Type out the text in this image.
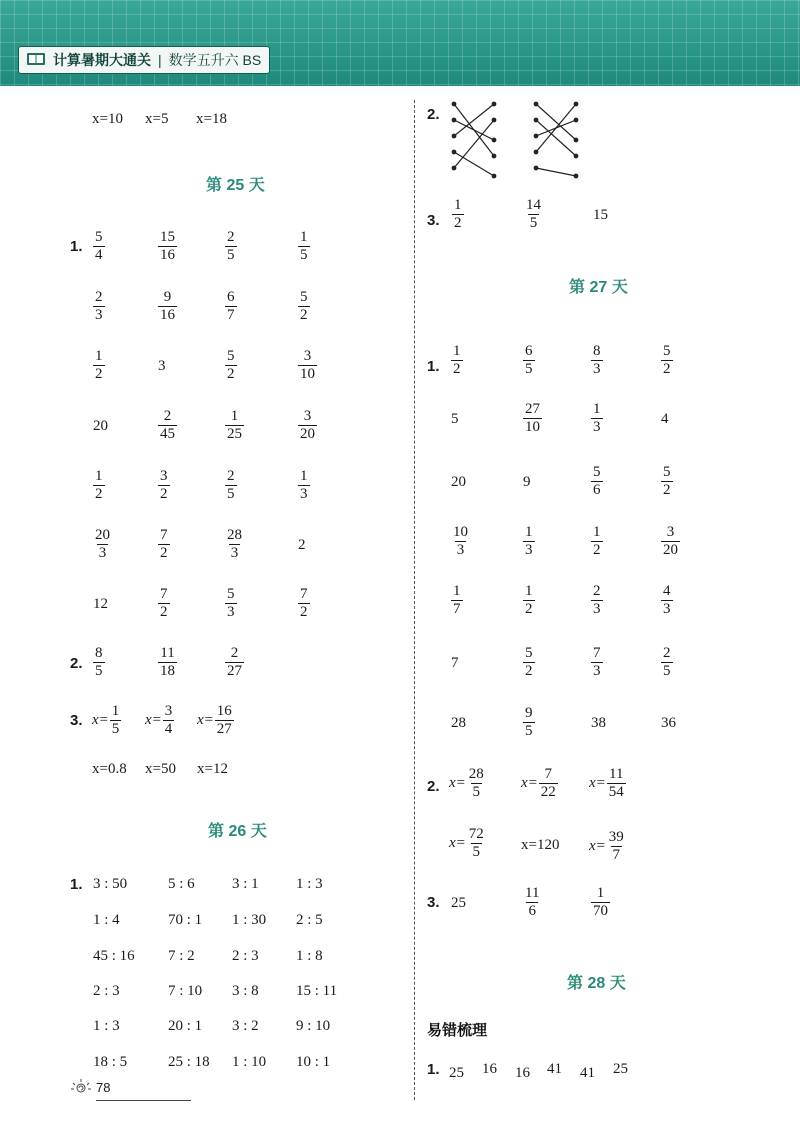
计算暑期大通关 | 数学五升六 BS
78
x=10 x=5 x=18
第 25 天
1. $\frac{5}{4}$	$\frac{15}{16}$	$\frac{2}{5}$	$\frac{1}{5}$
$\frac{2}{3}$	$\frac{9}{16}$	$\frac{6}{7}$	$\frac{5}{2}$
$\frac{1}{2}$	3	$\frac{5}{2}$	$\frac{3}{10}$
20	$\frac{2}{45}$	$\frac{1}{25}$	$\frac{3}{20}$
$\frac{1}{2}$	$\frac{3}{2}$	$\frac{2}{5}$	$\frac{1}{3}$
$\frac{20}{3}$	$\frac{7}{2}$	$\frac{28}{3}$	2
12	$\frac{7}{2}$	$\frac{5}{3}$	$\frac{7}{2}$
2. $\frac{8}{5}$	$\frac{11}{18}$	$\frac{2}{27}$
3. $x= \frac{1}{5} x= \frac{3}{4} x= \frac{16}{27}$
x=0.8 x=50 x=12
第 26 天
1. 3 : 50	5 : 6 3 : 1 1 : 3
1 : 4	70 : 1 1 : 30 2 : 5
45 : 16 7 : 2 2 : 3 1 : 8
2 : 3	7 : 10 3 : 8 15 : 11
1 : 3	20 : 1 3 : 2 9 : 10
18 : 5	25 : 18 1 : 10 10 : 1
2.
3. $\frac{1}{2}$	$\frac{14}{5}$	15
第 27 天
1. $\frac{1}{2}$	$\frac{6}{5}$	$\frac{8}{3}$	$\frac{5}{2}$
5	$\frac{27}{10}$	$\frac{1}{3}$	4
20	9	$\frac{5}{6}$	$\frac{5}{2}$
$\frac{10}{3}$	$\frac{1}{3}$	$\frac{1}{2}$	$\frac{3}{20}$
$\frac{1}{7}$	$\frac{1}{2}$	$\frac{2}{3}$	$\frac{4}{3}$
7	$\frac{5}{2}$	$\frac{7}{3}$	$\frac{2}{5}$
28	$\frac{9}{5}$	38	36
2. $x= \frac{28}{5} x= \frac{7}{22} x= \frac{11}{54}$
$x= \frac{72}{5} x=120$ $x= \frac{39}{7}$
3. 25	$\frac{11}{6}$	$\frac{1}{70}$
第 28 天
易错梳理
1. 25 16 16 41 41 25
